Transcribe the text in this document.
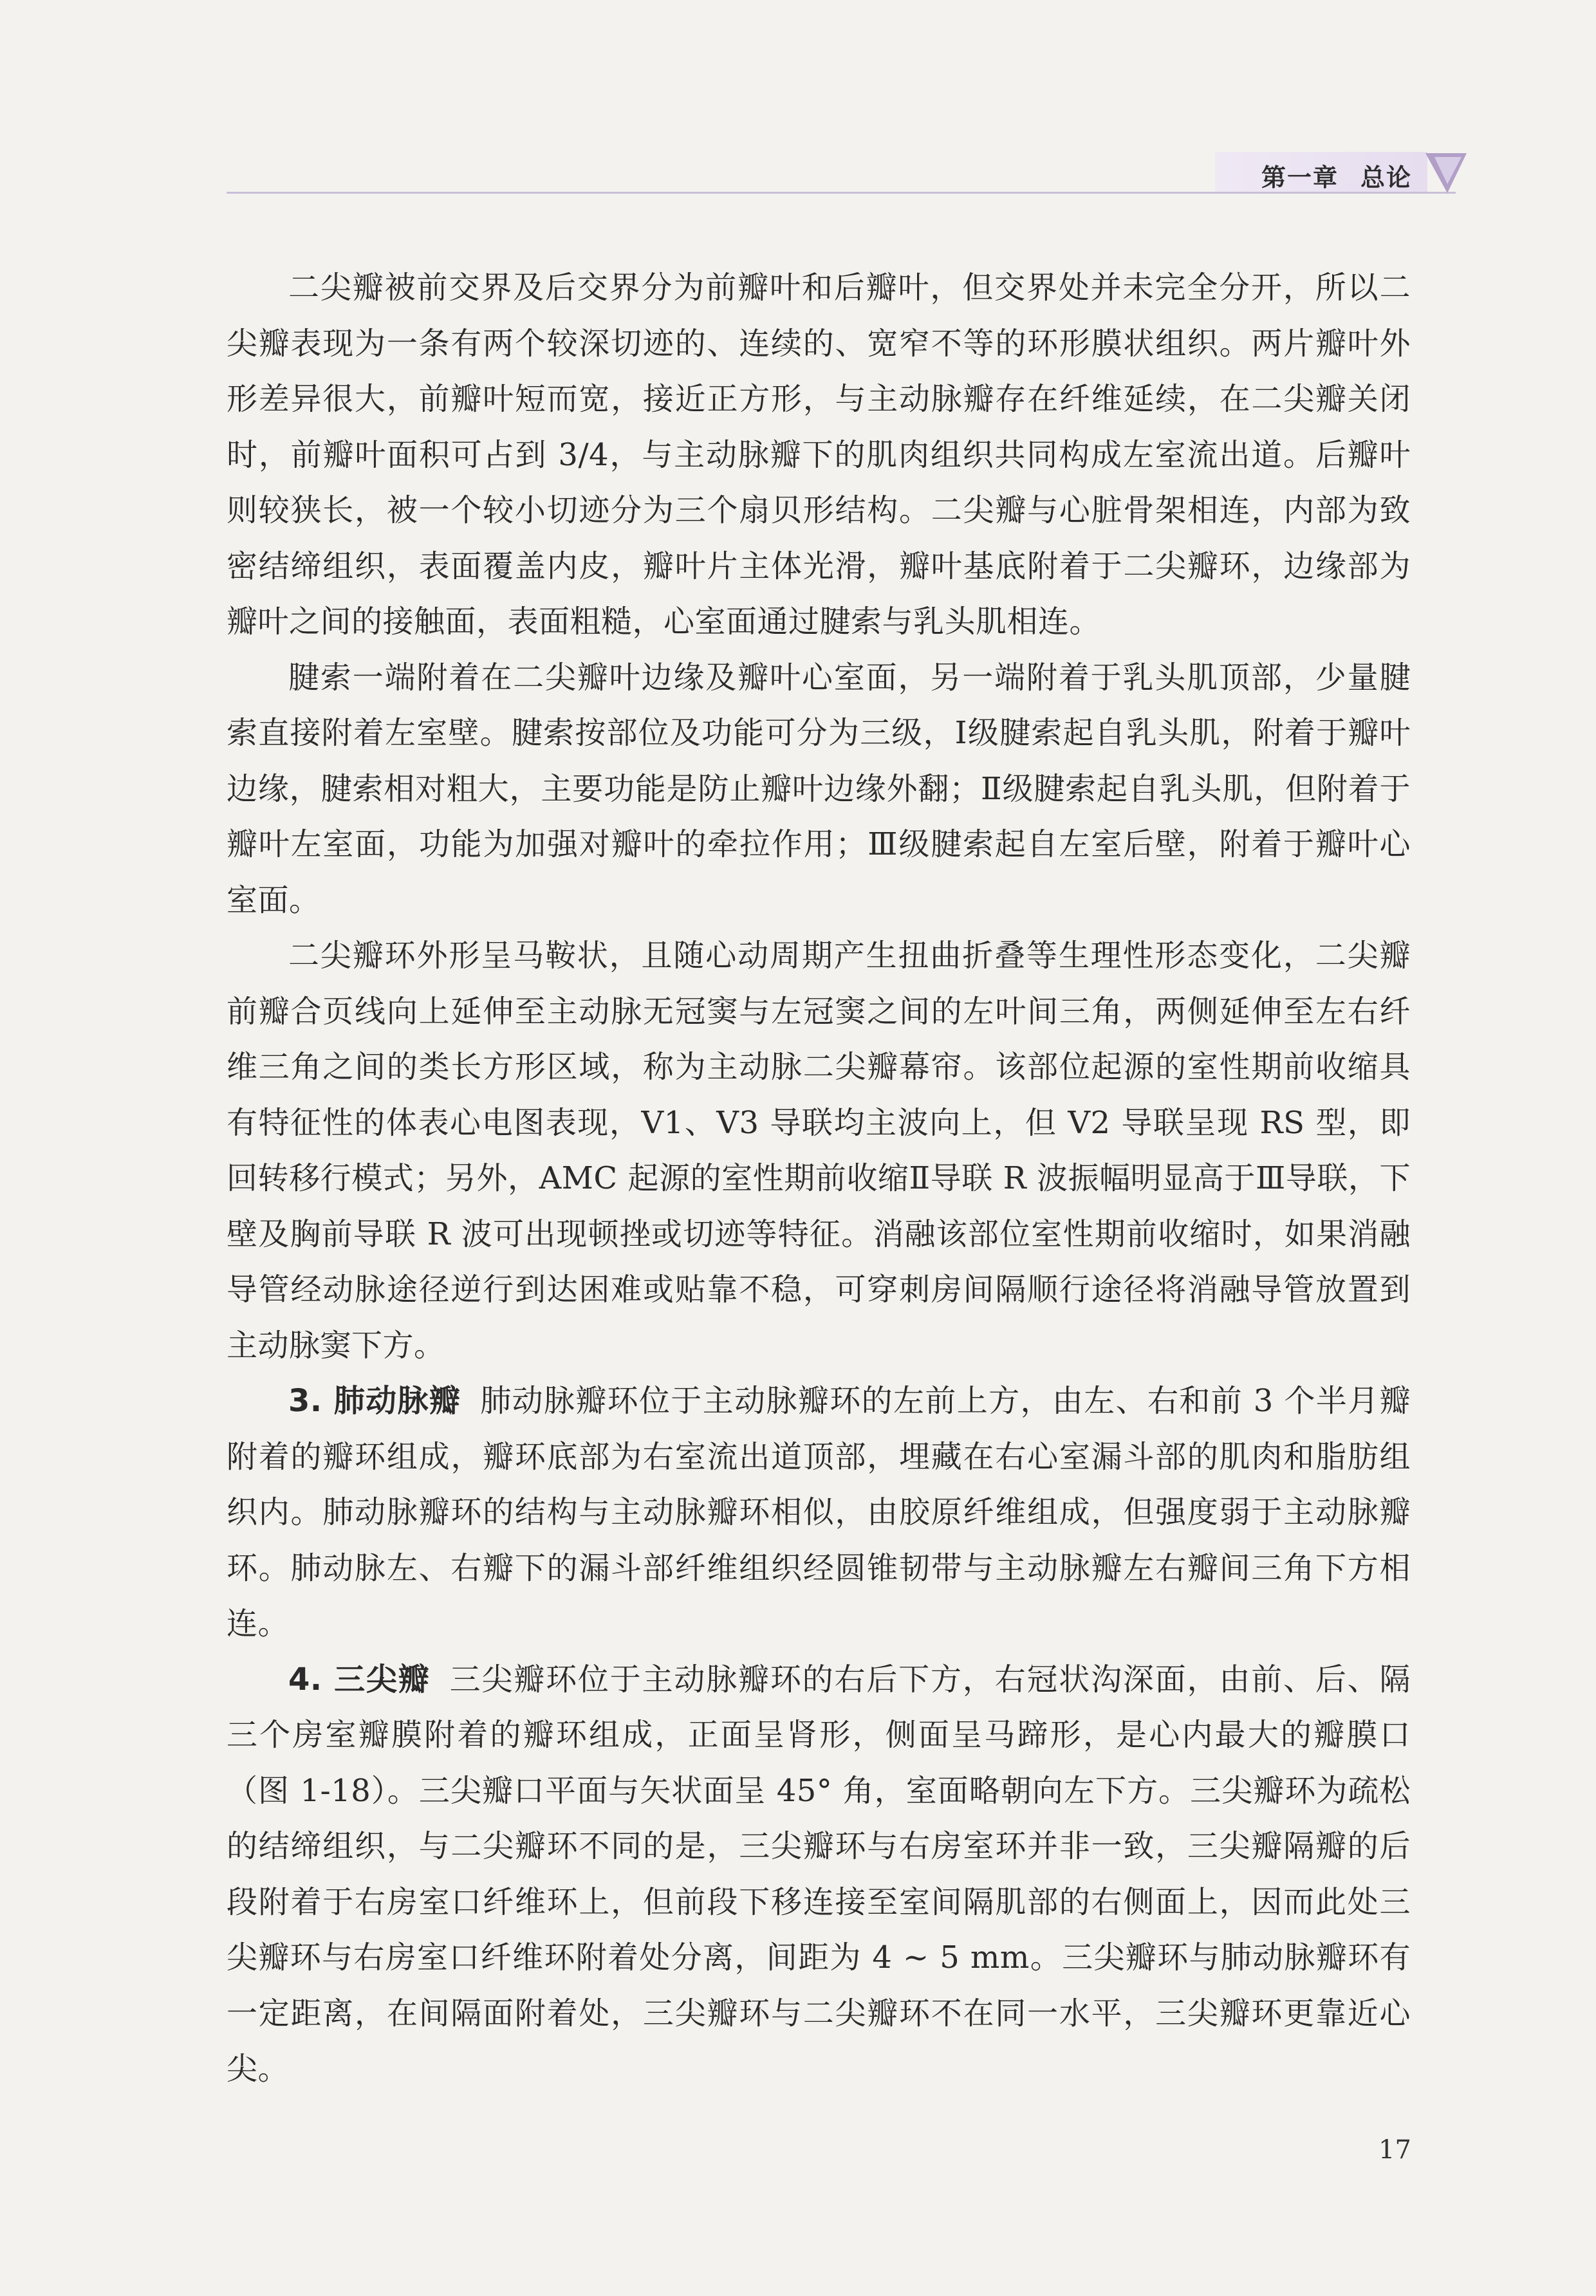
第一章 总论

二尖瓣被前交界及后交界分为前瓣叶和后瓣叶，但交界处并未完全分开，所以二尖瓣表现为一条有两个较深切迹的、连续的、宽窄不等的环形膜状组织。两片瓣叶外形差异很大，前瓣叶短而宽，接近正方形，与主动脉瓣存在纤维延续，在二尖瓣关闭时，前瓣叶面积可占到 3/4，与主动脉瓣下的肌肉组织共同构成左室流出道。后瓣叶则较狭长，被一个较小切迹分为三个扇贝形结构。二尖瓣与心脏骨架相连，内部为致密结缔组织，表面覆盖内皮，瓣叶片主体光滑，瓣叶基底附着于二尖瓣环，边缘部为瓣叶之间的接触面，表面粗糙，心室面通过腱索与乳头肌相连。

腱索一端附着在二尖瓣叶边缘及瓣叶心室面，另一端附着于乳头肌顶部，少量腱索直接附着左室壁。腱索按部位及功能可分为三级，Ⅰ级腱索起自乳头肌，附着于瓣叶边缘，腱索相对粗大，主要功能是防止瓣叶边缘外翻；Ⅱ级腱索起自乳头肌，但附着于瓣叶左室面，功能为加强对瓣叶的牵拉作用；Ⅲ级腱索起自左室后壁，附着于瓣叶心室面。

二尖瓣环外形呈马鞍状，且随心动周期产生扭曲折叠等生理性形态变化，二尖瓣前瓣合页线向上延伸至主动脉无冠窦与左冠窦之间的左叶间三角，两侧延伸至左右纤维三角之间的类长方形区域，称为主动脉二尖瓣幕帘。该部位起源的室性期前收缩具有特征性的体表心电图表现，V1、V3 导联均主波向上，但 V2 导联呈现 RS 型，即回转移行模式；另外，AMC 起源的室性期前收缩Ⅱ导联 R 波振幅明显高于Ⅲ导联，下壁及胸前导联 R 波可出现顿挫或切迹等特征。消融该部位室性期前收缩时，如果消融导管经动脉途径逆行到达困难或贴靠不稳，可穿刺房间隔顺行途径将消融导管放置到主动脉窦下方。

3. 肺动脉瓣 肺动脉瓣环位于主动脉瓣环的左前上方，由左、右和前 3 个半月瓣附着的瓣环组成，瓣环底部为右室流出道顶部，埋藏在右心室漏斗部的肌肉和脂肪组织内。肺动脉瓣环的结构与主动脉瓣环相似，由胶原纤维组成，但强度弱于主动脉瓣环。肺动脉左、右瓣下的漏斗部纤维组织经圆锥韧带与主动脉瓣左右瓣间三角下方相连。

4. 三尖瓣 三尖瓣环位于主动脉瓣环的右后下方，右冠状沟深面，由前、后、隔三个房室瓣膜附着的瓣环组成，正面呈肾形，侧面呈马蹄形，是心内最大的瓣膜口（图 1-18）。三尖瓣口平面与矢状面呈 45° 角，室面略朝向左下方。三尖瓣环为疏松的结缔组织，与二尖瓣环不同的是，三尖瓣环与右房室环并非一致，三尖瓣隔瓣的后段附着于右房室口纤维环上，但前段下移连接至室间隔肌部的右侧面上，因而此处三尖瓣环与右房室口纤维环附着处分离，间距为 4 ~ 5 mm。三尖瓣环与肺动脉瓣环有一定距离，在间隔面附着处，三尖瓣环与二尖瓣环不在同一水平，三尖瓣环更靠近心尖。

17
